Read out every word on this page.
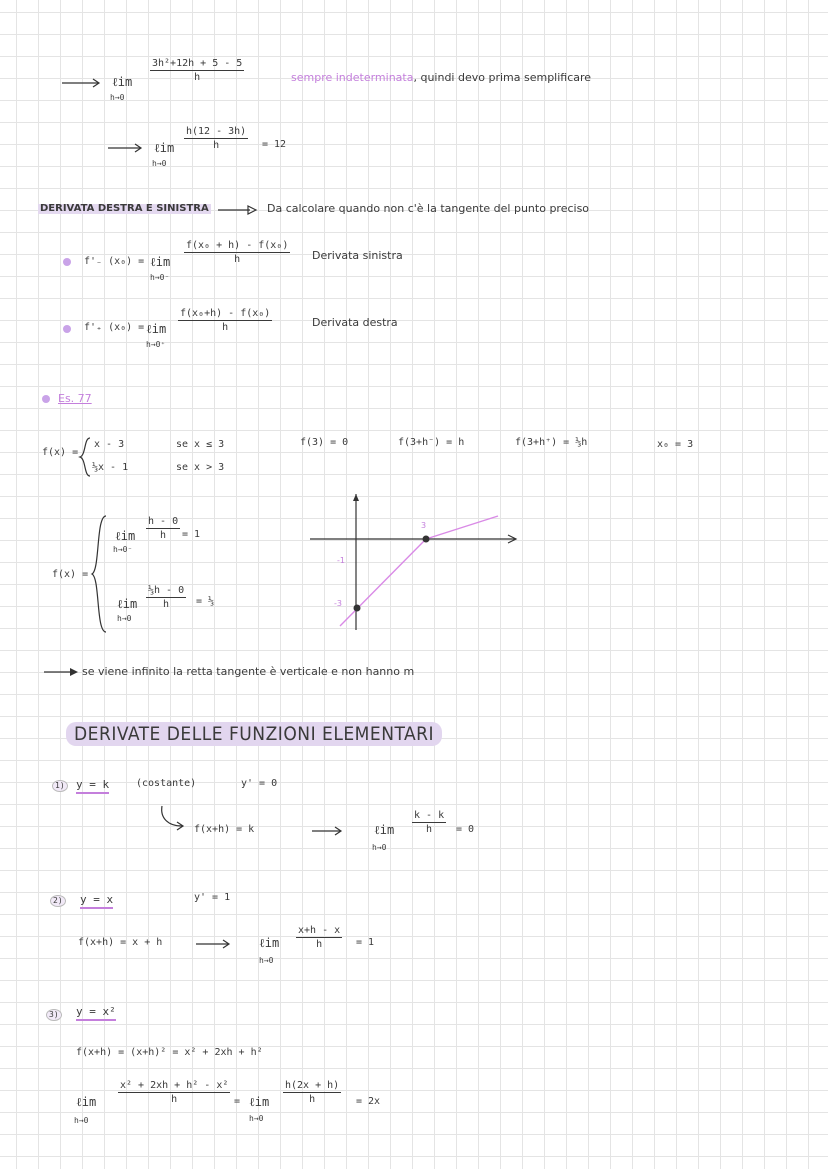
ℓim
h→0
$\frac{\text{3h²+12h + 5 - 5}}{h}$	sempre indeterminata, quindi devo prima semplificare
ℓim
h→0
$\frac{h(12 - 3h)}{h} = 12$
DERIVATA DESTRA E SINISTRA	Da calcolare quando non c'è la tangente del punto preciso
f'₋ (x₀) = ℓim
h→0⁻
$\frac{\text{f(x₀ + h) - f(x₀)}}{h}$ Derivata sinistra
f'₊ (x₀) = ℓim
h→0⁺
$\frac{\text{f(x₀+h) - f(x₀)}}{h}$	Derivata destra
Es. 77
f(x) =
x - 3	se x ≤ 3
⅓x - 1	se x > 3
f(3) = 0	f(3+h⁻) = h	f(3+h⁺) = ⅓h	x₀ = 3
f(x) =
ℓim
h→0⁻
$\frac{h - 0}{h} = 1$
ℓim
h→0
$\frac{\text{⅓h - 0}}{h}$ = ⅓
3
-1
-3
se viene infinito la retta tangente è verticale e non hanno m
DERIVATE DELLE FUNZIONI ELEMENTARI
1) y = k	(costante)	y' = 0
f(x+h) = k	ℓim
h→0
$\frac{k - k}{h} = 0$
2) y = x	y' = 1
f(x+h) = x + h	ℓim
h→0
$\frac{x+h - x}{h} = 1$
3) y = x²
f(x+h) = (x+h)² = x² + 2xh + h²
ℓim
h→0
$\frac{\text{x² + 2xh + h² - x²}}{h}$ = ℓim
h→0
$\frac{h(2x + h)}{h} = 2x$
